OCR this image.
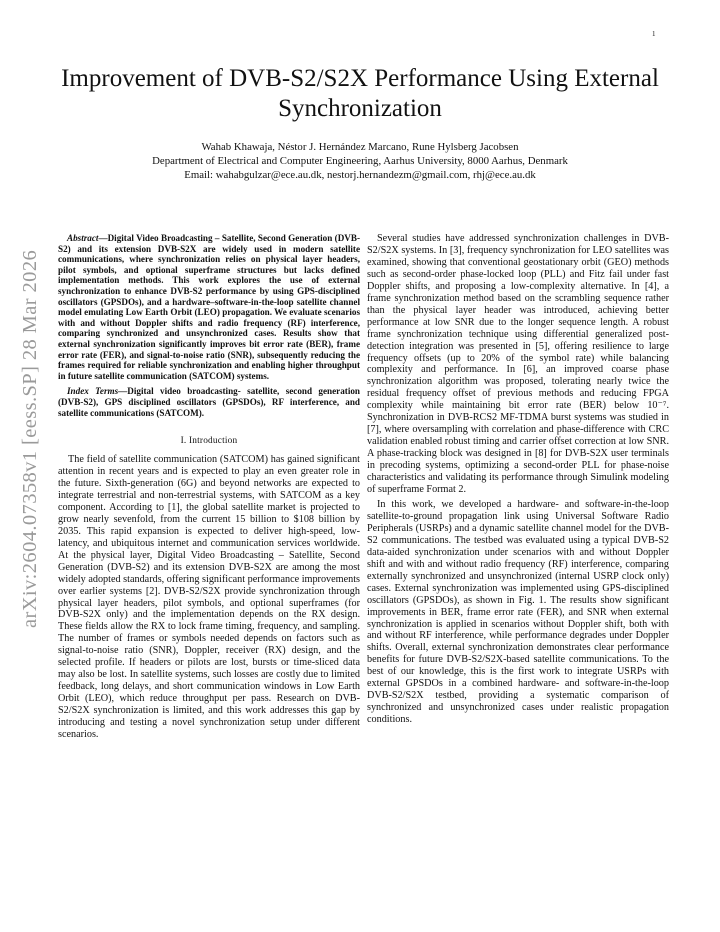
1
arXiv:2604.07358v1 [eess.SP] 28 Mar 2026
Improvement of DVB-S2/S2X Performance Using External Synchronization
Wahab Khawaja, Néstor J. Hernández Marcano, Rune Hylsberg Jacobsen
Department of Electrical and Computer Engineering, Aarhus University, 8000 Aarhus, Denmark
Email: wahabgulzar@ece.au.dk, nestorj.hernandezm@gmail.com, rhj@ece.au.dk

Abstract—Digital Video Broadcasting – Satellite, Second Generation (DVB-S2) and its extension DVB-S2X are widely used in modern satellite communications, where synchronization relies on physical layer headers, pilot symbols, and optional superframe structures but lacks defined implementation methods. This work explores the use of external synchronization to enhance DVB-S2 performance by using GPS-disciplined oscillators (GPSDOs), and a hardware–software-in-the-loop satellite channel model emulating Low Earth Orbit (LEO) propagation. We evaluate scenarios with and without Doppler shifts and radio frequency (RF) interference, comparing synchronized and unsynchronized cases. Results show that external synchronization significantly improves bit error rate (BER), frame error rate (FER), and signal-to-noise ratio (SNR), subsequently reducing the frames required for reliable synchronization and enabling higher throughput in future satellite communication (SATCOM) systems.

Index Terms—Digital video broadcasting- satellite, second generation (DVB-S2), GPS disciplined oscillators (GPSDOs), RF interference, and satellite communications (SATCOM).

I. Introduction

The field of satellite communication (SATCOM) has gained significant attention in recent years and is expected to play an even greater role in the future. Sixth-generation (6G) and beyond networks are expected to integrate terrestrial and non-terrestrial systems, with SATCOM as a key component. According to [1], the global satellite market is projected to grow nearly sevenfold, from the current 15 billion to $108 billion by 2035. This rapid expansion is expected to deliver high-speed, low-latency, and ubiquitous internet and communication services worldwide. At the physical layer, Digital Video Broadcasting – Satellite, Second Generation (DVB-S2) and its extension DVB-S2X are among the most widely adopted standards, offering significant performance improvements over earlier systems [2]. DVB-S2/S2X provide synchronization through physical layer headers, pilot symbols, and optional superframes (for DVB-S2X only) and the implementation depends on the RX design. These fields allow the RX to lock frame timing, frequency, and sampling. The number of frames or symbols needed depends on factors such as signal-to-noise ratio (SNR), Doppler, receiver (RX) design, and the selected profile. If headers or pilots are lost, bursts or time-sliced data may also be lost. In satellite systems, such losses are costly due to limited feedback, long delays, and short communication windows in Low Earth Orbit (LEO), which reduce throughput per pass. Research on DVB-S2/S2X synchronization is limited, and this work addresses this gap by introducing and testing a novel synchronization setup under different scenarios.

Several studies have addressed synchronization challenges in DVB-S2/S2X systems. In [3], frequency synchronization for LEO satellites was examined, showing that conventional geostationary orbit (GEO) methods such as second-order phase-locked loop (PLL) and Fitz fail under fast Doppler shifts, and proposing a low-complexity alternative. In [4], a frame synchronization method based on the scrambling sequence rather than the physical layer header was introduced, achieving better performance at low SNR due to the longer sequence length. A robust frame synchronization technique using differential generalized post-detection integration was presented in [5], offering resilience to large frequency offsets (up to 20% of the symbol rate) while balancing complexity and performance. In [6], an improved coarse phase synchronization algorithm was proposed, tolerating nearly twice the residual frequency offset of previous methods and reducing FPGA complexity while maintaining bit error rate (BER) below 10⁻⁷. Synchronization in DVB-RCS2 MF-TDMA burst systems was studied in [7], where oversampling with correlation and phase-difference with CRC validation enabled robust timing and carrier offset correction at low SNR. A phase-tracking block was designed in [8] for DVB-S2X user terminals in precoding systems, optimizing a second-order PLL for phase-noise characteristics and validating its performance through Simulink modeling of superframe Format 2.

In this work, we developed a hardware- and software-in-the-loop satellite-to-ground propagation link using Universal Software Radio Peripherals (USRPs) and a dynamic satellite channel model for the DVB-S2 communications. The testbed was evaluated using a typical DVB-S2 data-aided synchronization under scenarios with and without Doppler shift and with and without radio frequency (RF) interference, comparing externally synchronized and unsynchronized (internal USRP clock only) cases. External synchronization was implemented using GPS-disciplined oscillators (GPSDOs), as shown in Fig. 1. The results show significant improvements in BER, frame error rate (FER), and SNR when external synchronization is applied in scenarios without Doppler shift, both with and without RF interference, while performance degrades under Doppler shifts. Overall, external synchronization demonstrates clear performance benefits for future DVB-S2/S2X-based satellite communications. To the best of our knowledge, this is the first work to integrate USRPs with external GPSDOs in a combined hardware- and software-in-the-loop DVB-S2/S2X testbed, providing a systematic comparison of synchronized and unsynchronized cases under realistic propagation conditions.
